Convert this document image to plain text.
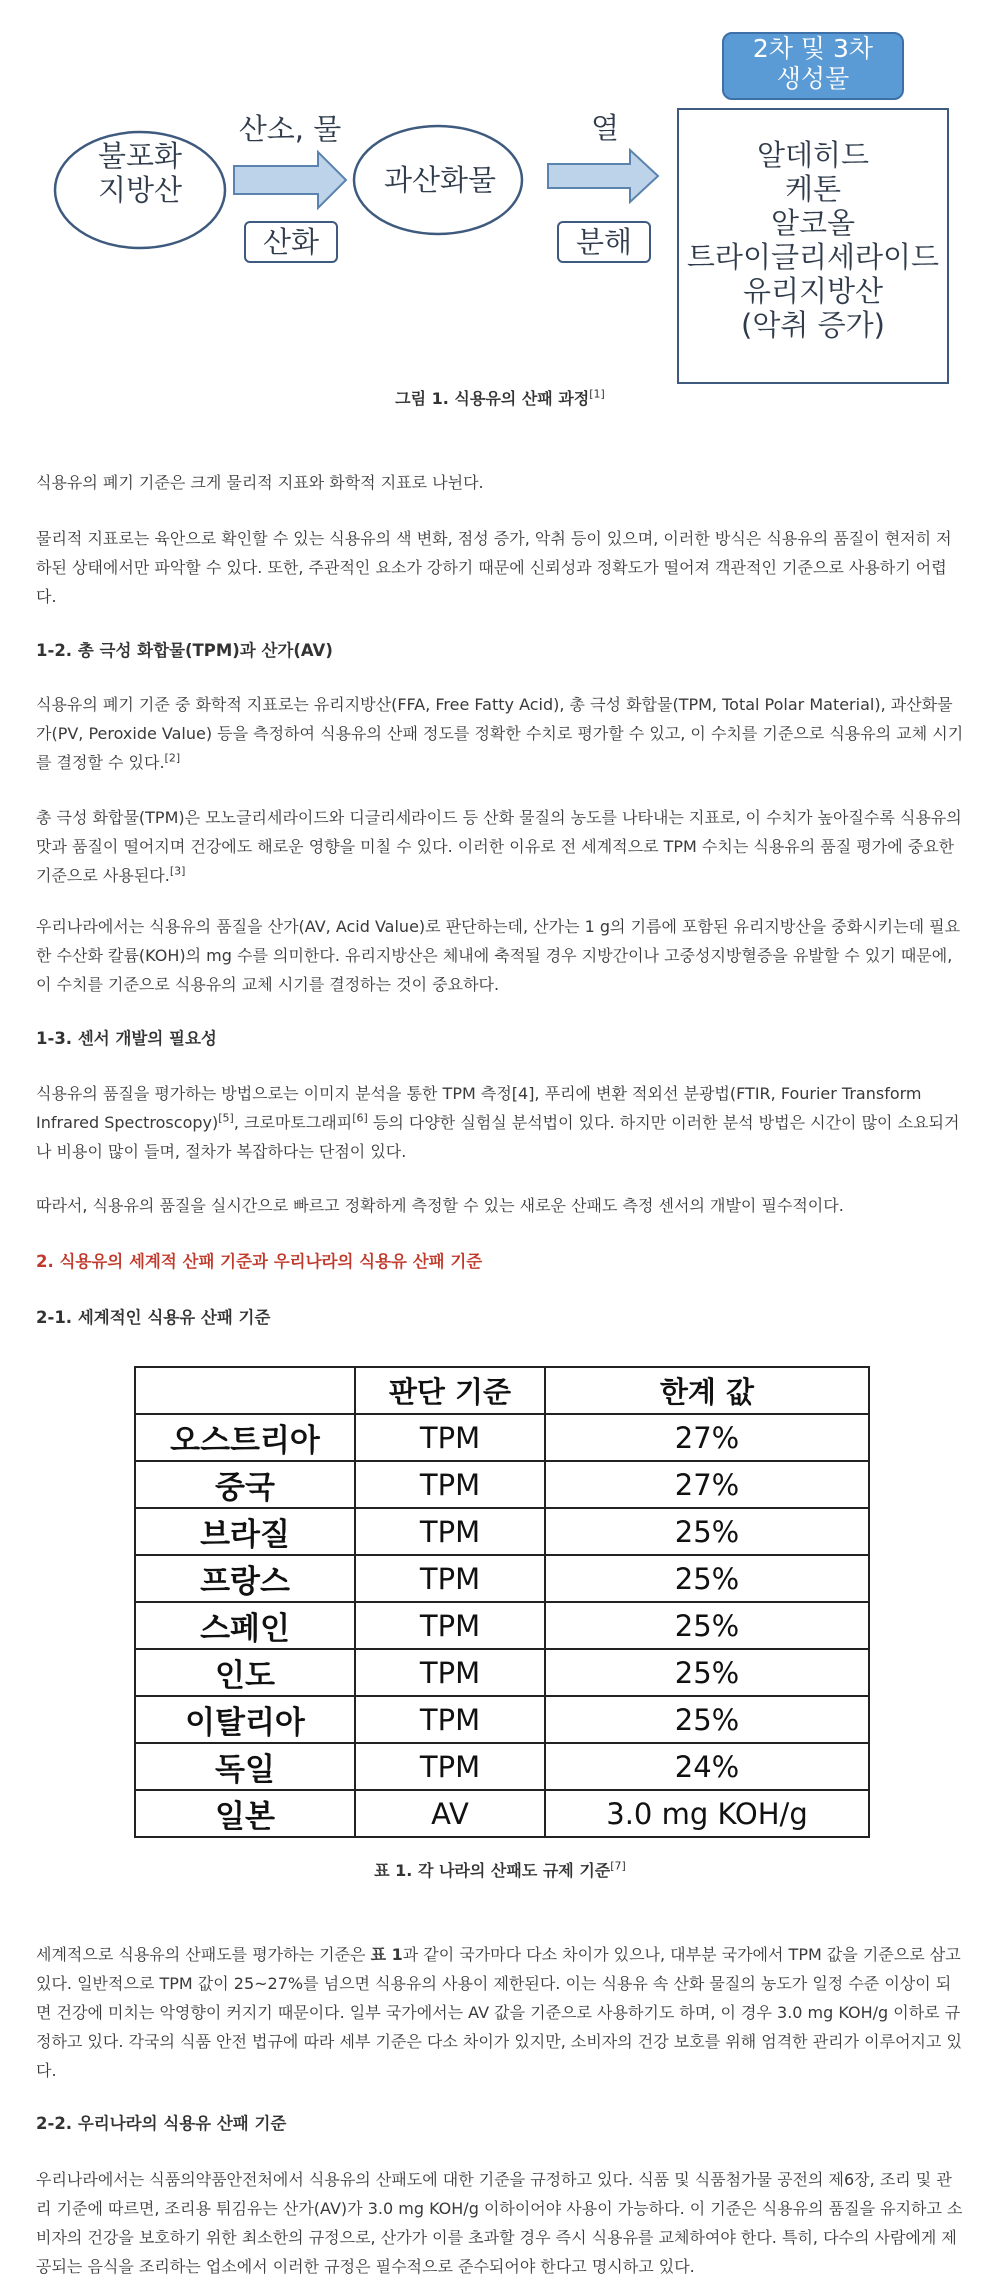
불포화
지방산
산소, 물
산화
과산화물
열
분해
2차 및 3차
생성물
알데히드
케톤
알코올
트라이글리세라이드
유리지방산
(악취 증가)
그림 1. 식용유의 산패 과정[1]
식용유의 폐기 기준은 크게 물리적 지표와 화학적 지표로 나뉜다.
물리적 지표로는 육안으로 확인할 수 있는 식용유의 색 변화, 점성 증가, 악취 등이 있으며, 이러한 방식은 식용유의 품질이 현저히 저하된 상태에서만 파악할 수 있다. 또한, 주관적인 요소가 강하기 때문에 신뢰성과 정확도가 떨어져 객관적인 기준으로 사용하기 어렵다.
1-2. 총 극성 화합물(TPM)과 산가(AV)
식용유의 폐기 기준 중 화학적 지표로는 유리지방산(FFA, Free Fatty Acid), 총 극성 화합물(TPM, Total Polar Material), 과산화물가(PV, Peroxide Value) 등을 측정하여 식용유의 산패 정도를 정확한 수치로 평가할 수 있고, 이 수치를 기준으로 식용유의 교체 시기를 결정할 수 있다.[2]
총 극성 화합물(TPM)은 모노글리세라이드와 디글리세라이드 등 산화 물질의 농도를 나타내는 지표로, 이 수치가 높아질수록 식용유의 맛과 품질이 떨어지며 건강에도 해로운 영향을 미칠 수 있다. 이러한 이유로 전 세계적으로 TPM 수치는 식용유의 품질 평가에 중요한 기준으로 사용된다.[3]
우리나라에서는 식용유의 품질을 산가(AV, Acid Value)로 판단하는데, 산가는 1 g의 기름에 포함된 유리지방산을 중화시키는데 필요한 수산화 칼륨(KOH)의 mg 수를 의미한다. 유리지방산은 체내에 축적될 경우 지방간이나 고중성지방혈증을 유발할 수 있기 때문에, 이 수치를 기준으로 식용유의 교체 시기를 결정하는 것이 중요하다.
1-3. 센서 개발의 필요성
식용유의 품질을 평가하는 방법으로는 이미지 분석을 통한 TPM 측정[4], 푸리에 변환 적외선 분광법(FTIR, Fourier Transform Infrared Spectroscopy)[5], 크로마토그래피[6] 등의 다양한 실험실 분석법이 있다. 하지만 이러한 분석 방법은 시간이 많이 소요되거나 비용이 많이 들며, 절차가 복잡하다는 단점이 있다.
따라서, 식용유의 품질을 실시간으로 빠르고 정확하게 측정할 수 있는 새로운 산패도 측정 센서의 개발이 필수적이다.
2. 식용유의 세계적 산패 기준과 우리나라의 식용유 산패 기준
2-1. 세계적인 식용유 산패 기준
	판단 기준	한계 값
오스트리아	TPM	27%
중국	TPM	27%
브라질	TPM	25%
프랑스	TPM	25%
스페인	TPM	25%
인도	TPM	25%
이탈리아	TPM	25%
독일	TPM	24%
일본	AV	3.0 mg KOH/g
표 1. 각 나라의 산패도 규제 기준[7]
세계적으로 식용유의 산패도를 평가하는 기준은 표 1과 같이 국가마다 다소 차이가 있으나, 대부분 국가에서 TPM 값을 기준으로 삼고 있다. 일반적으로 TPM 값이 25~27%를 넘으면 식용유의 사용이 제한된다. 이는 식용유 속 산화 물질의 농도가 일정 수준 이상이 되면 건강에 미치는 악영향이 커지기 때문이다. 일부 국가에서는 AV 값을 기준으로 사용하기도 하며, 이 경우 3.0 mg KOH/g 이하로 규정하고 있다. 각국의 식품 안전 법규에 따라 세부 기준은 다소 차이가 있지만, 소비자의 건강 보호를 위해 엄격한 관리가 이루어지고 있다.
2-2. 우리나라의 식용유 산패 기준
우리나라에서는 식품의약품안전처에서 식용유의 산패도에 대한 기준을 규정하고 있다. 식품 및 식품첨가물 공전의 제6장, 조리 및 관리 기준에 따르면, 조리용 튀김유는 산가(AV)가 3.0 mg KOH/g 이하이어야 사용이 가능하다. 이 기준은 식용유의 품질을 유지하고 소비자의 건강을 보호하기 위한 최소한의 규정으로, 산가가 이를 초과할 경우 즉시 식용유를 교체하여야 한다. 특히, 다수의 사람에게 제공되는 음식을 조리하는 업소에서 이러한 규정은 필수적으로 준수되어야 한다고 명시하고 있다.
